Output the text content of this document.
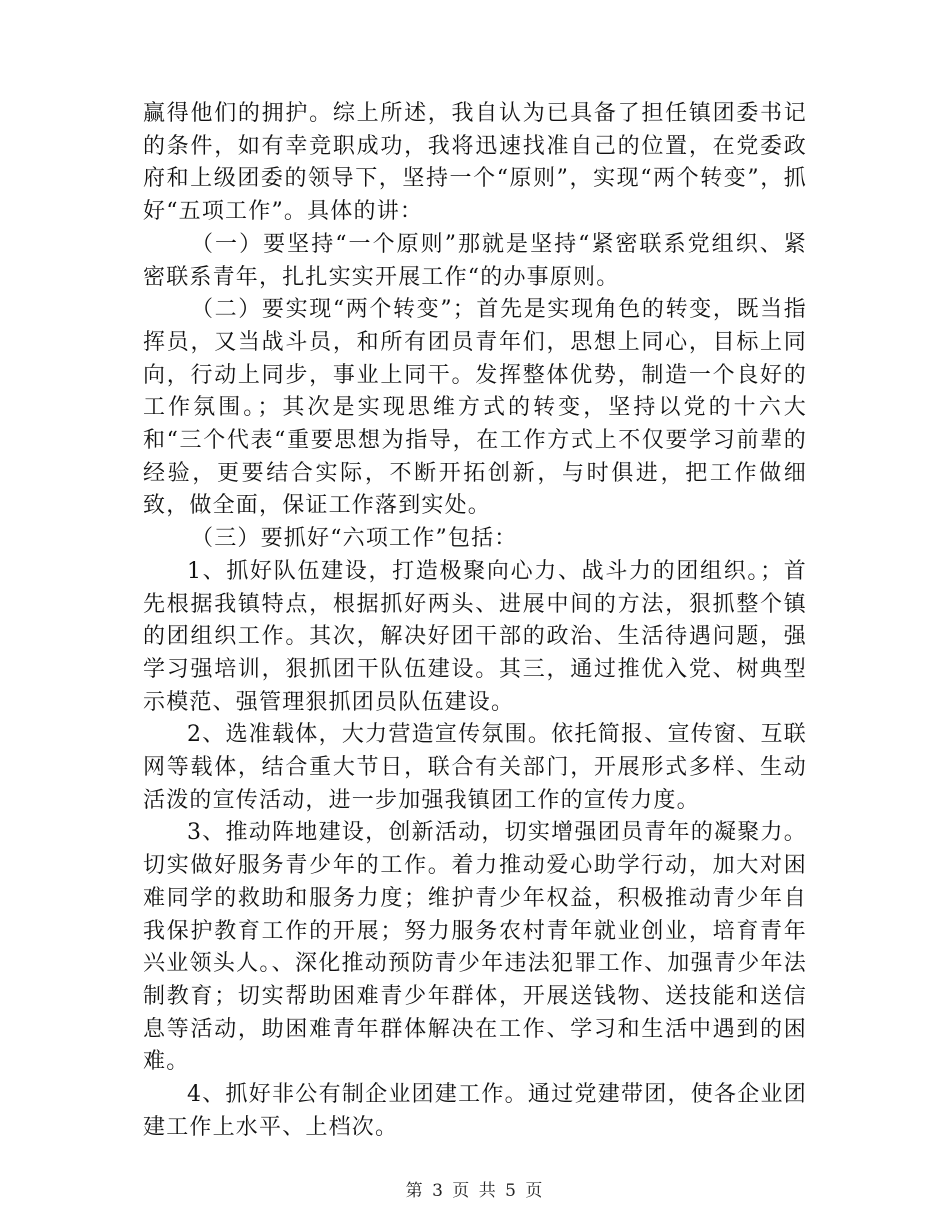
赢得他们的拥护。综上所述，我自认为已具备了担任镇团委书记的条件，如有幸竞职成功，我将迅速找准自己的位置，在党委政府和上级团委的领导下，坚持一个“原则”，实现“两个转变”，抓好“五项工作”。具体的讲：

（一）要坚持“一个原则”那就是坚持“紧密联系党组织、紧密联系青年，扎扎实实开展工作“的办事原则。

（二）要实现“两个转变”；首先是实现角色的转变，既当指挥员，又当战斗员，和所有团员青年们，思想上同心，目标上同向，行动上同步，事业上同干。发挥整体优势，制造一个良好的工作氛围。；其次是实现思维方式的转变，坚持以党的十六大和“三个代表“重要思想为指导，在工作方式上不仅要学习前辈的经验，更要结合实际，不断开拓创新，与时俱进，把工作做细致，做全面，保证工作落到实处。

（三）要抓好“六项工作”包括：

1、抓好队伍建设，打造极聚向心力、战斗力的团组织。；首先根据我镇特点，根据抓好两头、进展中间的方法，狠抓整个镇的团组织工作。其次，解决好团干部的政治、生活待遇问题，强学习强培训，狠抓团干队伍建设。其三，通过推优入党、树典型示模范、强管理狠抓团员队伍建设。

2、选准载体，大力营造宣传氛围。依托简报、宣传窗、互联网等载体，结合重大节日，联合有关部门，开展形式多样、生动活泼的宣传活动，进一步加强我镇团工作的宣传力度。

3、推动阵地建设，创新活动，切实增强团员青年的凝聚力。切实做好服务青少年的工作。着力推动爱心助学行动，加大对困难同学的救助和服务力度；维护青少年权益，积极推动青少年自我保护教育工作的开展；努力服务农村青年就业创业，培育青年兴业领头人。、深化推动预防青少年违法犯罪工作、加强青少年法制教育；切实帮助困难青少年群体，开展送钱物、送技能和送信息等活动，助困难青年群体解决在工作、学习和生活中遇到的困难。

4、抓好非公有制企业团建工作。通过党建带团，使各企业团建工作上水平、上档次。

第 3 页 共 5 页
